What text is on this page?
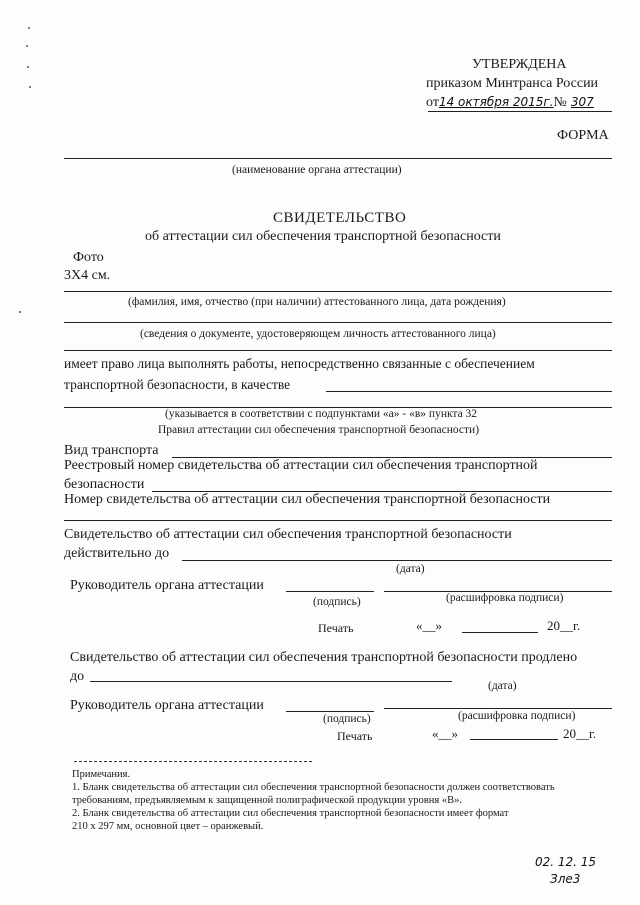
УТВЕРЖДЕНА
приказом Минтранса России
от14 октября 2015г.№ 307
ФОРМА
(наименование органа аттестации)
СВИДЕТЕЛЬСТВО
об аттестации сил обеспечения транспортной безопасности
Фото
3Х4 см.
(фамилия, имя, отчество (при наличии) аттестованного лица, дата рождения)
(сведения о документе, удостоверяющем личность аттестованного лица)
имеет право лица выполнять работы, непосредственно связанные с обеспечением
транспортной безопасности, в качестве
(указывается в соответствии с подпунктами «а» - «в» пункта 32
Правил аттестации сил обеспечения транспортной безопасности)
Вид транспорта
Реестровый номер свидетельства об аттестации сил обеспечения транспортной
безопасности
Номер свидетельства об аттестации сил обеспечения транспортной безопасности
Свидетельство об аттестации сил обеспечения транспортной безопасности
действительно до
(дата)
Руководитель органа аттестации
(подпись)	(расшифровка подписи)
Печать	«__»	20__г.
Свидетельство об аттестации сил обеспечения транспортной безопасности продлено
до
(дата)
Руководитель органа аттестации
(подпись)	(расшифровка подписи)
Печать	«__»	20__г.
Примечания.
1. Бланк свидетельства об аттестации сил обеспечения транспортной безопасности должен соответствовать
требованиям, предъявляемым к защищенной полиграфической продукции уровня «В».
2. Бланк свидетельства об аттестации сил обеспечения транспортной безопасности имеет формат
210 х 297 мм, основной цвет – оранжевый.
02. 12. 15
Зле3
